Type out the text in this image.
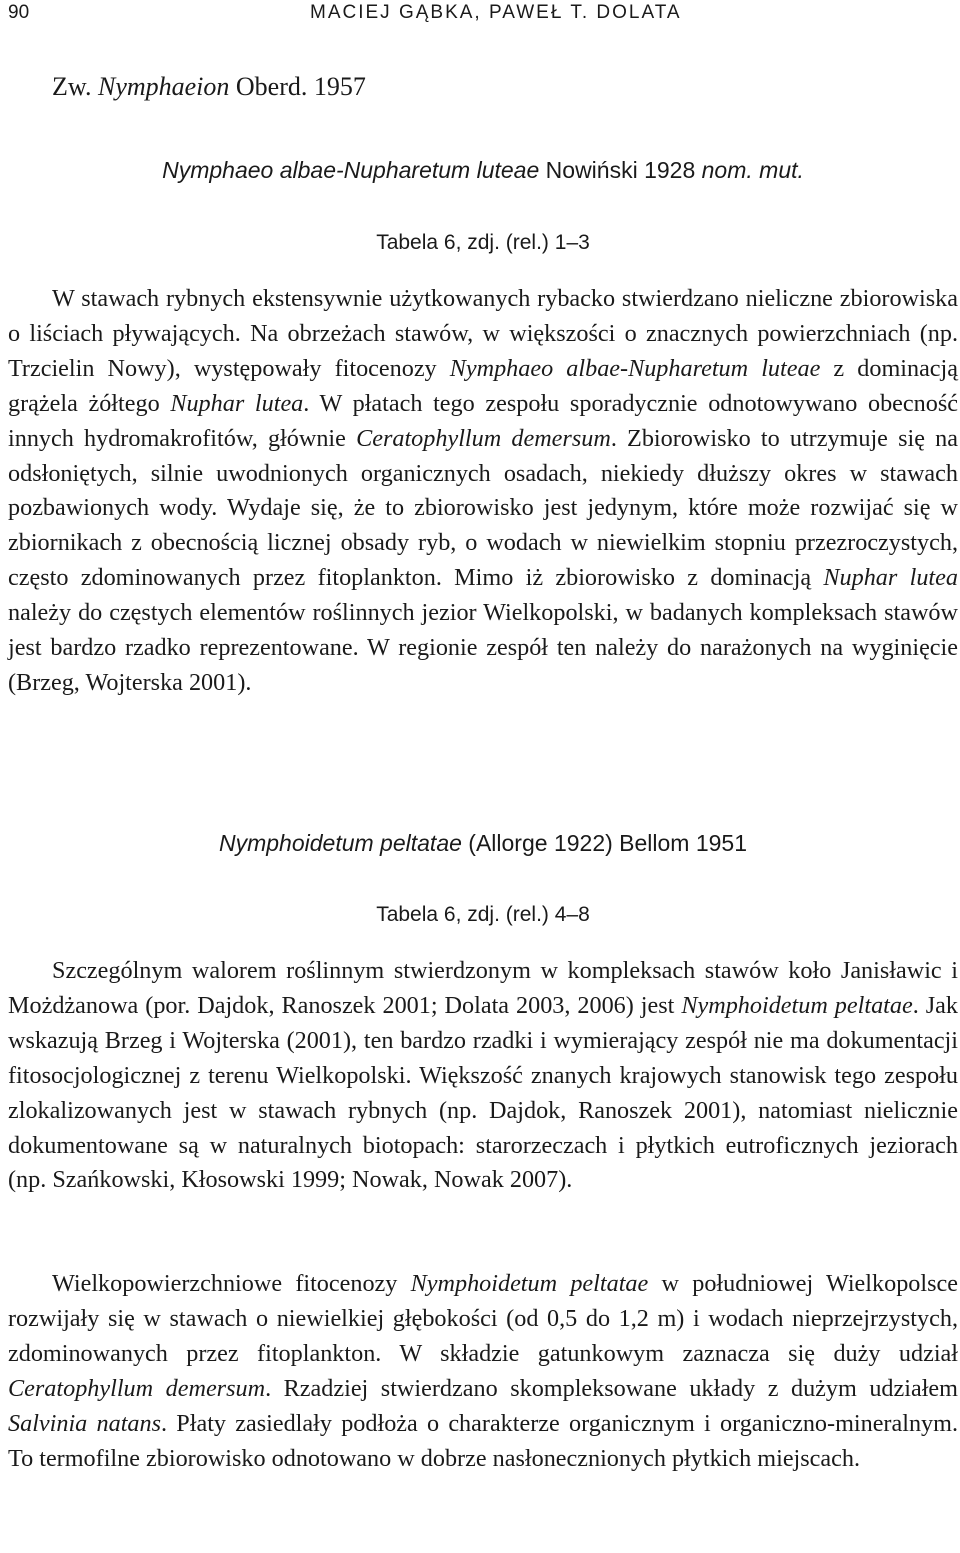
90	MACIEJ GĄBKA, PAWEŁ T. DOLATA
Zw. Nymphaeion Oberd. 1957
Nymphaeo albae-Nupharetum luteae Nowiński 1928 nom. mut.
Tabela 6, zdj. (rel.) 1–3
W stawach rybnych ekstensywnie użytkowanych rybacko stwierdzano nieliczne zbiorowiska o liściach pływających. Na obrzeżach stawów, w większości o znacznych powierzchniach (np. Trzcielin Nowy), występowały fitocenozy Nymphaeo albae-Nupharetum luteae z dominacją grążela żółtego Nuphar lutea. W płatach tego zespołu sporadycznie odnotowywano obecność innych hydromakrofitów, głównie Ceratophyllum demersum. Zbiorowisko to utrzymuje się na odsłoniętych, silnie uwodnionych organicznych osadach, niekiedy dłuższy okres w stawach pozbawionych wody. Wydaje się, że to zbiorowisko jest jedynym, które może rozwijać się w zbiornikach z obecnością licznej obsady ryb, o wodach w niewielkim stopniu przezroczystych, często zdominowanych przez fitoplankton. Mimo iż zbiorowisko z dominacją Nuphar lutea należy do częstych elementów roślinnych jezior Wielkopolski, w badanych kompleksach stawów jest bardzo rzadko reprezentowane. W regionie zespół ten należy do narażonych na wyginięcie (Brzeg, Wojterska 2001).
Nymphoidetum peltatae (Allorge 1922) Bellom 1951
Tabela 6, zdj. (rel.) 4–8
Szczególnym walorem roślinnym stwierdzonym w kompleksach stawów koło Janisławic i Możdżanowa (por. Dajdok, Ranoszek 2001; Dolata 2003, 2006) jest Nymphoidetum peltatae. Jak wskazują Brzeg i Wojterska (2001), ten bardzo rzadki i wymierający zespół nie ma dokumentacji fitosocjologicznej z terenu Wielkopolski. Większość znanych krajowych stanowisk tego zespołu zlokalizowanych jest w stawach rybnych (np. Dajdok, Ranoszek 2001), natomiast nielicznie dokumentowane są w naturalnych biotopach: starorzeczach i płytkich eutroficznych jeziorach (np. Szańkowski, Kłosowski 1999; Nowak, Nowak 2007).
Wielkopowierzchniowe fitocenozy Nymphoidetum peltatae w południowej Wielkopolsce rozwijały się w stawach o niewielkiej głębokości (od 0,5 do 1,2 m) i wodach nieprzejrzystych, zdominowanych przez fitoplankton. W składzie gatunkowym zaznacza się duży udział Ceratophyllum demersum. Rzadziej stwierdzano skompleksowane układy z dużym udziałem Salvinia natans. Płaty zasiedlały podłoża o charakterze organicznym i organiczno-mineralnym. To termofilne zbiorowisko odnotowano w dobrze nasłonecznionych płytkich miejscach.
